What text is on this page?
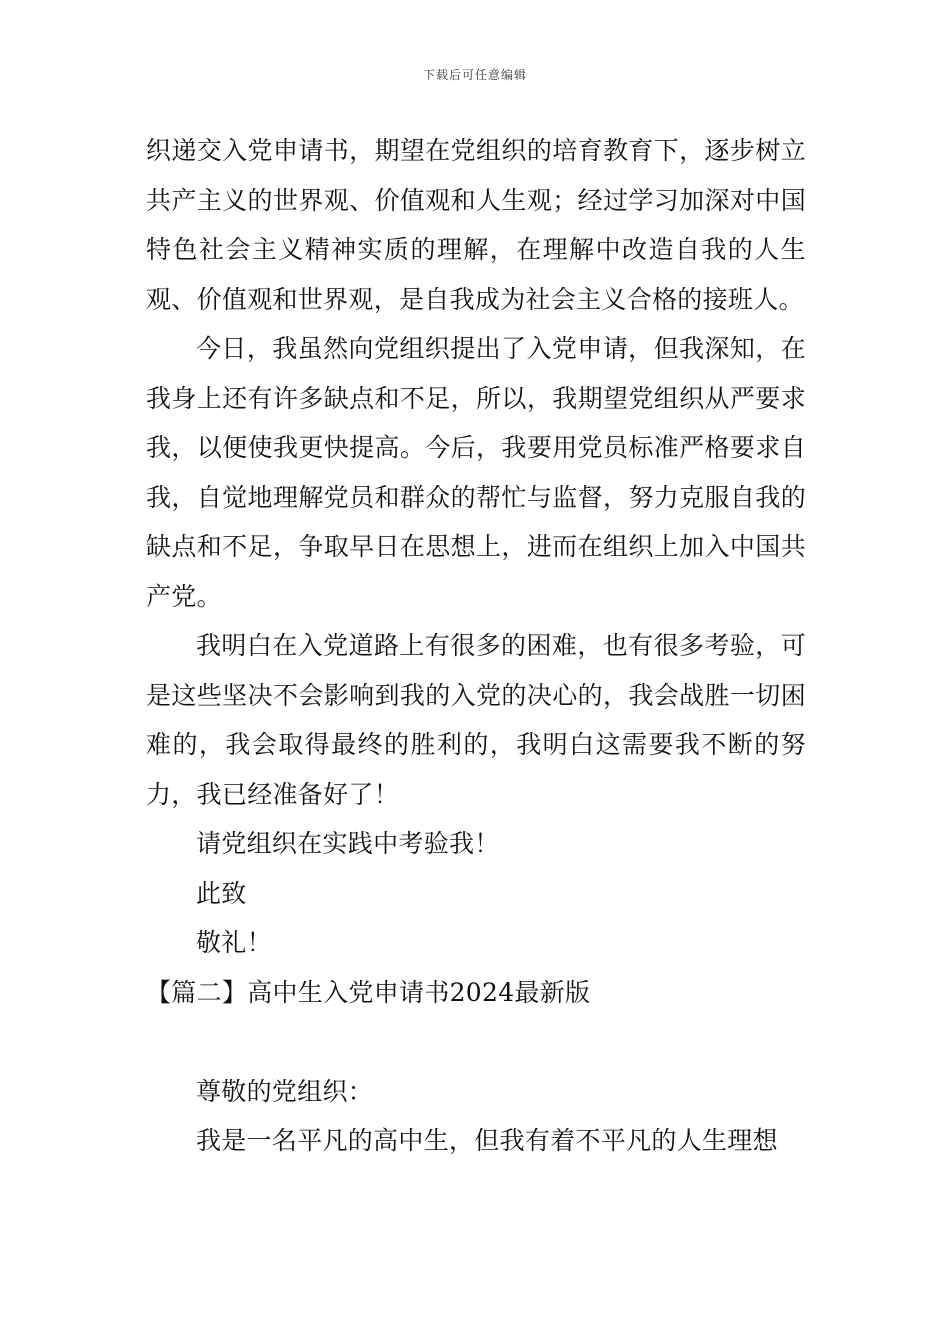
下载后可任意编辑

织递交入党申请书，期望在党组织的培育教育下，逐步树立共产主义的世界观、价值观和人生观；经过学习加深对中国特色社会主义精神实质的理解，在理解中改造自我的人生观、价值观和世界观，是自我成为社会主义合格的接班人。

今日，我虽然向党组织提出了入党申请，但我深知，在我身上还有许多缺点和不足，所以，我期望党组织从严要求我，以便使我更快提高。今后，我要用党员标准严格要求自我，自觉地理解党员和群众的帮忙与监督，努力克服自我的缺点和不足，争取早日在思想上，进而在组织上加入中国共产党。

我明白在入党道路上有很多的困难，也有很多考验，可是这些坚决不会影响到我的入党的决心的，我会战胜一切困难的，我会取得最终的胜利的，我明白这需要我不断的努力，我已经准备好了！

请党组织在实践中考验我！

此致

敬礼！

【篇二】高中生入党申请书2024最新版

尊敬的党组织：

我是一名平凡的高中生，但我有着不平凡的人生理想
